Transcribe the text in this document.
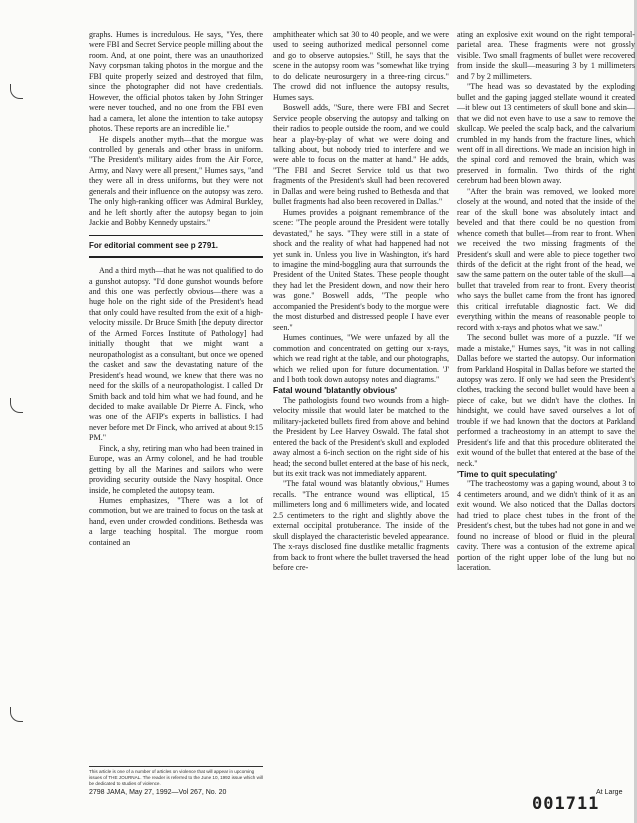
graphs. Humes is incredulous. He says, "Yes, there were FBI and Secret Service people milling about the room. And, at one point, there was an unauthorized Navy corpsman taking photos in the morgue and the FBI quite properly seized and destroyed that film, since the photographer did not have credentials. However, the official photos taken by John Stringer were never touched, and no one from the FBI even had a camera, let alone the intention to take autopsy photos. These reports are an incredible lie."

He dispels another myth—that the morgue was controlled by generals and other brass in uniform. "The President's military aides from the Air Force, Army, and Navy were all present," Humes says, "and they were all in dress uniforms, but they were not generals and their influence on the autopsy was zero. The only high-ranking officer was Admiral Burkley, and he left shortly after the autopsy began to join Jackie and Bobby Kennedy upstairs."

For editorial comment see p 2791.

And a third myth—that he was not qualified to do a gunshot autopsy. "I'd done gunshot wounds before and this one was perfectly obvious—there was a huge hole on the right side of the President's head that only could have resulted from the exit of a high-velocity missile. Dr Bruce Smith [the deputy director of the Armed Forces Institute of Pathology] had initially thought that we might want a neuropathologist as a consultant, but once we opened the casket and saw the devastating nature of the President's head wound, we knew that there was no need for the skills of a neuropathologist. I called Dr Smith back and told him what we had found, and he decided to make available Dr Pierre A. Finck, who was one of the AFIP's experts in ballistics. I had never before met Dr Finck, who arrived at about 9:15 PM."

Finck, a shy, retiring man who had been trained in Europe, was an Army colonel, and he had trouble getting by all the Marines and sailors who were providing security outside the Navy hospital. Once inside, he completed the autopsy team.

Humes emphasizes, "There was a lot of commotion, but we are trained to focus on the task at hand, even under crowded conditions. Bethesda was a large teaching hospital. The morgue room contained an

amphitheater which sat 30 to 40 people, and we were used to seeing authorized medical personnel come and go to observe autopsies." Still, he says that the scene in the autopsy room was "somewhat like trying to do delicate neurosurgery in a three-ring circus." The crowd did not influence the autopsy results, Humes says.

Boswell adds, "Sure, there were FBI and Secret Service people observing the autopsy and talking on their radios to people outside the room, and we could hear a play-by-play of what we were doing and talking about, but nobody tried to interfere and we were able to focus on the matter at hand." He adds, "The FBI and Secret Service told us that two fragments of the President's skull had been recovered in Dallas and were being rushed to Bethesda and that bullet fragments had also been recovered in Dallas."

Humes provides a poignant remembrance of the scene: "The people around the President were totally devastated," he says. "They were still in a state of shock and the reality of what had happened had not yet sunk in. Unless you live in Washington, it's hard to imagine the mind-boggling aura that surrounds the President of the United States. These people thought they had let the President down, and now their hero was gone." Boswell adds, "The people who accompanied the President's body to the morgue were the most disturbed and distressed people I have ever seen."

Humes continues, "We were unfazed by all the commotion and concentrated on getting our x-rays, which we read right at the table, and our photographs, which we relied upon for future documentation. 'J' and I both took down autopsy notes and diagrams."

Fatal wound 'blatantly obvious'

The pathologists found two wounds from a high-velocity missile that would later be matched to the military-jacketed bullets fired from above and behind the President by Lee Harvey Oswald. The fatal shot entered the back of the President's skull and exploded away almost a 6-inch section on the right side of his head; the second bullet entered at the base of his neck, but its exit track was not immediately apparent.

"The fatal wound was blatantly obvious," Humes recalls. "The entrance wound was elliptical, 15 millimeters long and 6 millimeters wide, and located 2.5 centimeters to the right and slightly above the external occipital protuberance. The inside of the skull displayed the characteristic beveled appearance. The x-rays disclosed fine dustlike metallic fragments from back to front where the bullet traversed the head before cre-

ating an explosive exit wound on the right temporal-parietal area. These fragments were not grossly visible. Two small fragments of bullet were recovered from inside the skull—measuring 3 by 1 millimeters and 7 by 2 millimeters.

"The head was so devastated by the exploding bullet and the gaping jagged stellate wound it created—it blew out 13 centimeters of skull bone and skin—that we did not even have to use a saw to remove the skullcap. We peeled the scalp back, and the calvarium crumbled in my hands from the fracture lines, which went off in all directions. We made an incision high in the spinal cord and removed the brain, which was preserved in formalin. Two thirds of the right cerebrum had been blown away.

"After the brain was removed, we looked more closely at the wound, and noted that the inside of the rear of the skull bone was absolutely intact and beveled and that there could be no question from whence cometh that bullet—from rear to front. When we received the two missing fragments of the President's skull and were able to piece together two thirds of the deficit at the right front of the head, we saw the same pattern on the outer table of the skull—a bullet that traveled from rear to front. Every theorist who says the bullet came from the front has ignored this critical irrefutable diagnostic fact. We did everything within the means of reasonable people to record with x-rays and photos what we saw."

The second bullet was more of a puzzle. "If we made a mistake," Humes says, "it was in not calling Dallas before we started the autopsy. Our information from Parkland Hospital in Dallas before we started the autopsy was zero. If only we had seen the President's clothes, tracking the second bullet would have been a piece of cake, but we didn't have the clothes. In hindsight, we could have saved ourselves a lot of trouble if we had known that the doctors at Parkland performed a tracheostomy in an attempt to save the President's life and that this procedure obliterated the exit wound of the bullet that entered at the base of the neck."

'Time to quit speculating'

"The tracheostomy was a gaping wound, about 3 to 4 centimeters around, and we didn't think of it as an exit wound. We also noticed that the Dallas doctors had tried to place chest tubes in the front of the President's chest, but the tubes had not gone in and we found no increase of blood or fluid in the pleural cavity. There was a contusion of the extreme apical portion of the right upper lobe of the lung but no laceration.

This article is one of a number of articles on violence that will appear in upcoming issues of THE JOURNAL. The reader is referred to the June 10, 1992 issue which will be dedicated to studies of violence.
2798 JAMA, May 27, 1992—Vol 267, No. 20	At Large
001711
